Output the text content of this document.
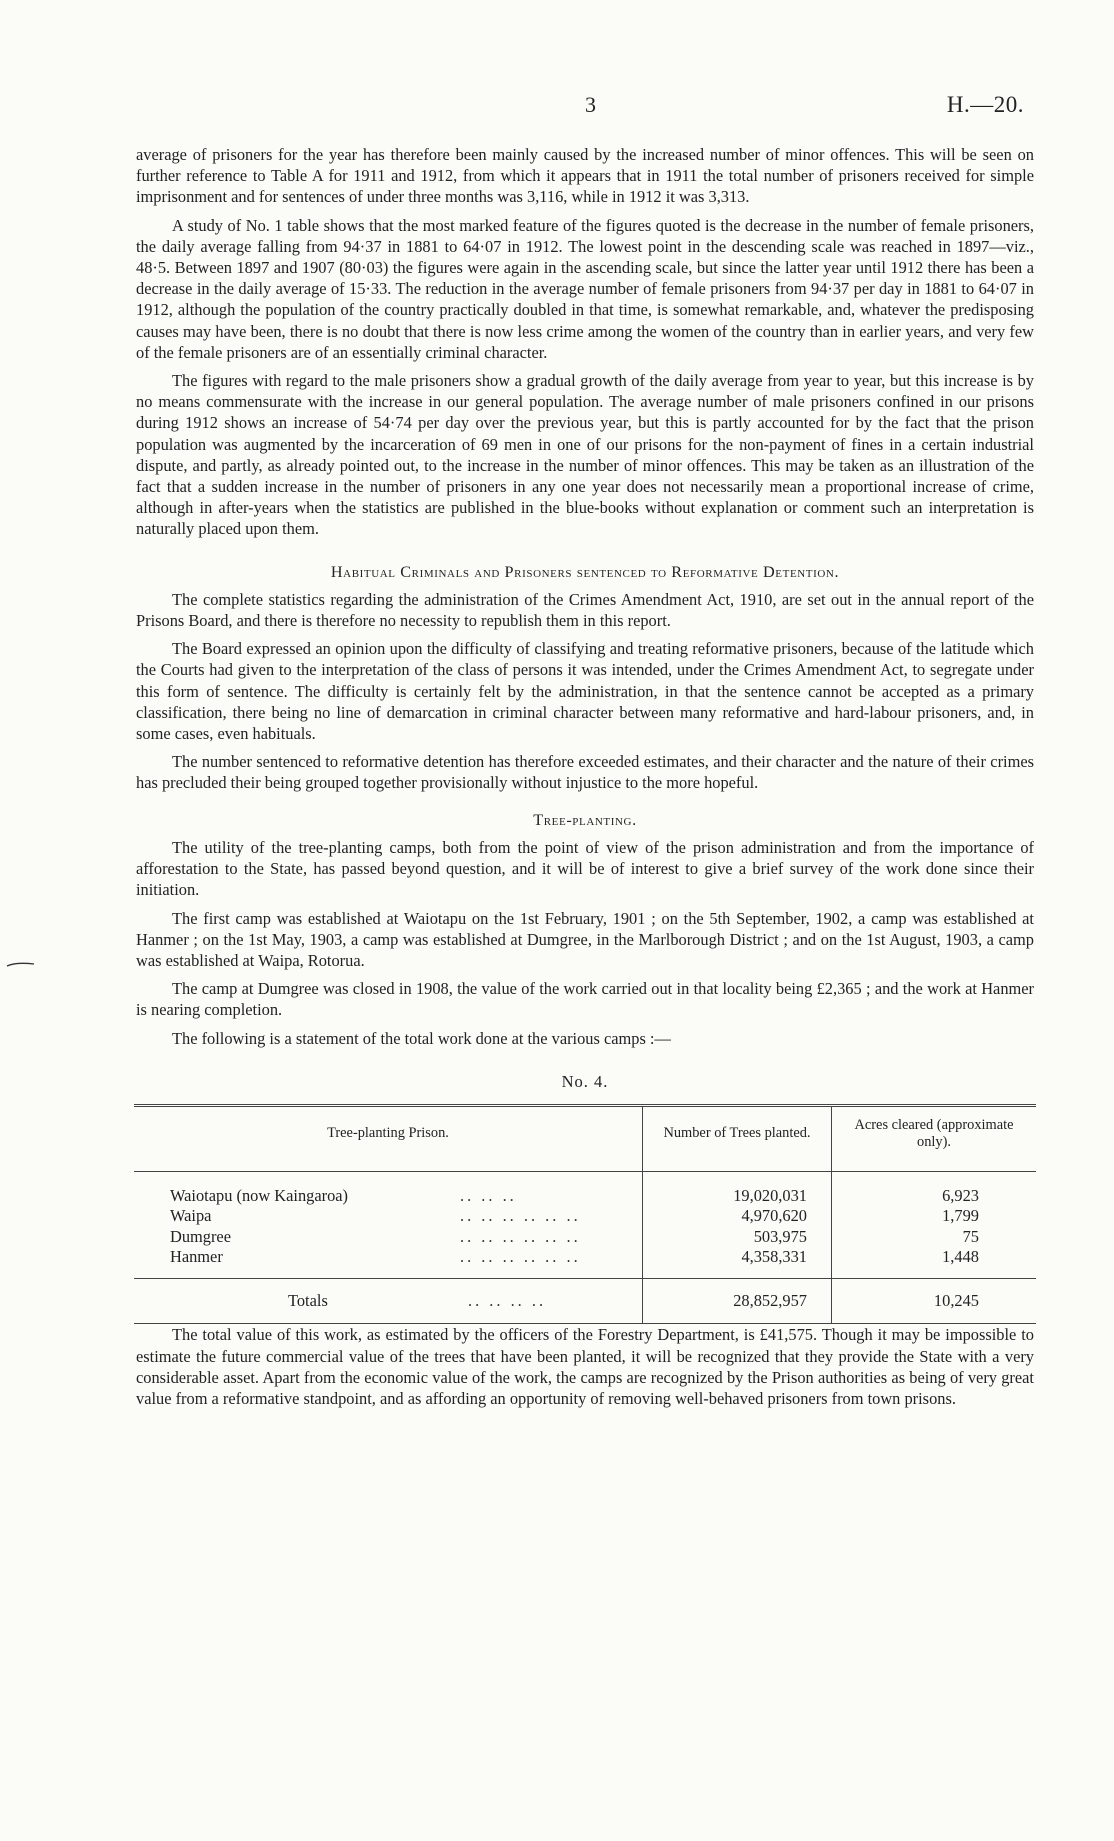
3	H.—20.

average of prisoners for the year has therefore been mainly caused by the increased number of minor offences. This will be seen on further reference to Table A for 1911 and 1912, from which it appears that in 1911 the total number of prisoners received for simple imprisonment and for sentences of under three months was 3,116, while in 1912 it was 3,313.

A study of No. 1 table shows that the most marked feature of the figures quoted is the decrease in the number of female prisoners, the daily average falling from 94·37 in 1881 to 64·07 in 1912. The lowest point in the descending scale was reached in 1897—viz., 48·5. Between 1897 and 1907 (80·03) the figures were again in the ascending scale, but since the latter year until 1912 there has been a decrease in the daily average of 15·33. The reduction in the average number of female prisoners from 94·37 per day in 1881 to 64·07 in 1912, although the population of the country practically doubled in that time, is somewhat remarkable, and, whatever the predisposing causes may have been, there is no doubt that there is now less crime among the women of the country than in earlier years, and very few of the female prisoners are of an essentially criminal character.

The figures with regard to the male prisoners show a gradual growth of the daily average from year to year, but this increase is by no means commensurate with the increase in our general population. The average number of male prisoners confined in our prisons during 1912 shows an increase of 54·74 per day over the previous year, but this is partly accounted for by the fact that the prison population was augmented by the incarceration of 69 men in one of our prisons for the non-payment of fines in a certain industrial dispute, and partly, as already pointed out, to the increase in the number of minor offences. This may be taken as an illustration of the fact that a sudden increase in the number of prisoners in any one year does not necessarily mean a proportional increase of crime, although in after-years when the statistics are published in the blue-books without explanation or comment such an interpretation is naturally placed upon them.

Habitual Criminals and Prisoners sentenced to Reformative Detention.

The complete statistics regarding the administration of the Crimes Amendment Act, 1910, are set out in the annual report of the Prisons Board, and there is therefore no necessity to republish them in this report.

The Board expressed an opinion upon the difficulty of classifying and treating reformative prisoners, because of the latitude which the Courts had given to the interpretation of the class of persons it was intended, under the Crimes Amendment Act, to segregate under this form of sentence. The difficulty is certainly felt by the administration, in that the sentence cannot be accepted as a primary classification, there being no line of demarcation in criminal character between many reformative and hard-labour prisoners, and, in some cases, even habituals.

The number sentenced to reformative detention has therefore exceeded estimates, and their character and the nature of their crimes has precluded their being grouped together provisionally without injustice to the more hopeful.

Tree-planting.

The utility of the tree-planting camps, both from the point of view of the prison administration and from the importance of afforestation to the State, has passed beyond question, and it will be of interest to give a brief survey of the work done since their initiation.

The first camp was established at Waiotapu on the 1st February, 1901 ; on the 5th September, 1902, a camp was established at Hanmer ; on the 1st May, 1903, a camp was established at Dumgree, in the Marlborough District ; and on the 1st August, 1903, a camp was established at Waipa, Rotorua.

The camp at Dumgree was closed in 1908, the value of the work carried out in that locality being £2,365 ; and the work at Hanmer is nearing completion.

The following is a statement of the total work done at the various camps :—

No. 4.
Tree-planting Prison.	Number of Trees planted.	Acres cleared (approximate only).
Waiotapu (now Kaingaroa) .. .. ..	19,020,031	6,923
Waipa .. .. .. .. .. ..	4,970,620	1,799
Dumgree .. .. .. .. .. ..	503,975	75
Hanmer .. .. .. .. .. ..	4,358,331	1,448
Totals .. .. .. ..	28,852,957	10,245

The total value of this work, as estimated by the officers of the Forestry Department, is £41,575. Though it may be impossible to estimate the future commercial value of the trees that have been planted, it will be recognized that they provide the State with a very considerable asset. Apart from the economic value of the work, the camps are recognized by the Prison authorities as being of very great value from a reformative standpoint, and as affording an opportunity of removing well-behaved prisoners from town prisons.
